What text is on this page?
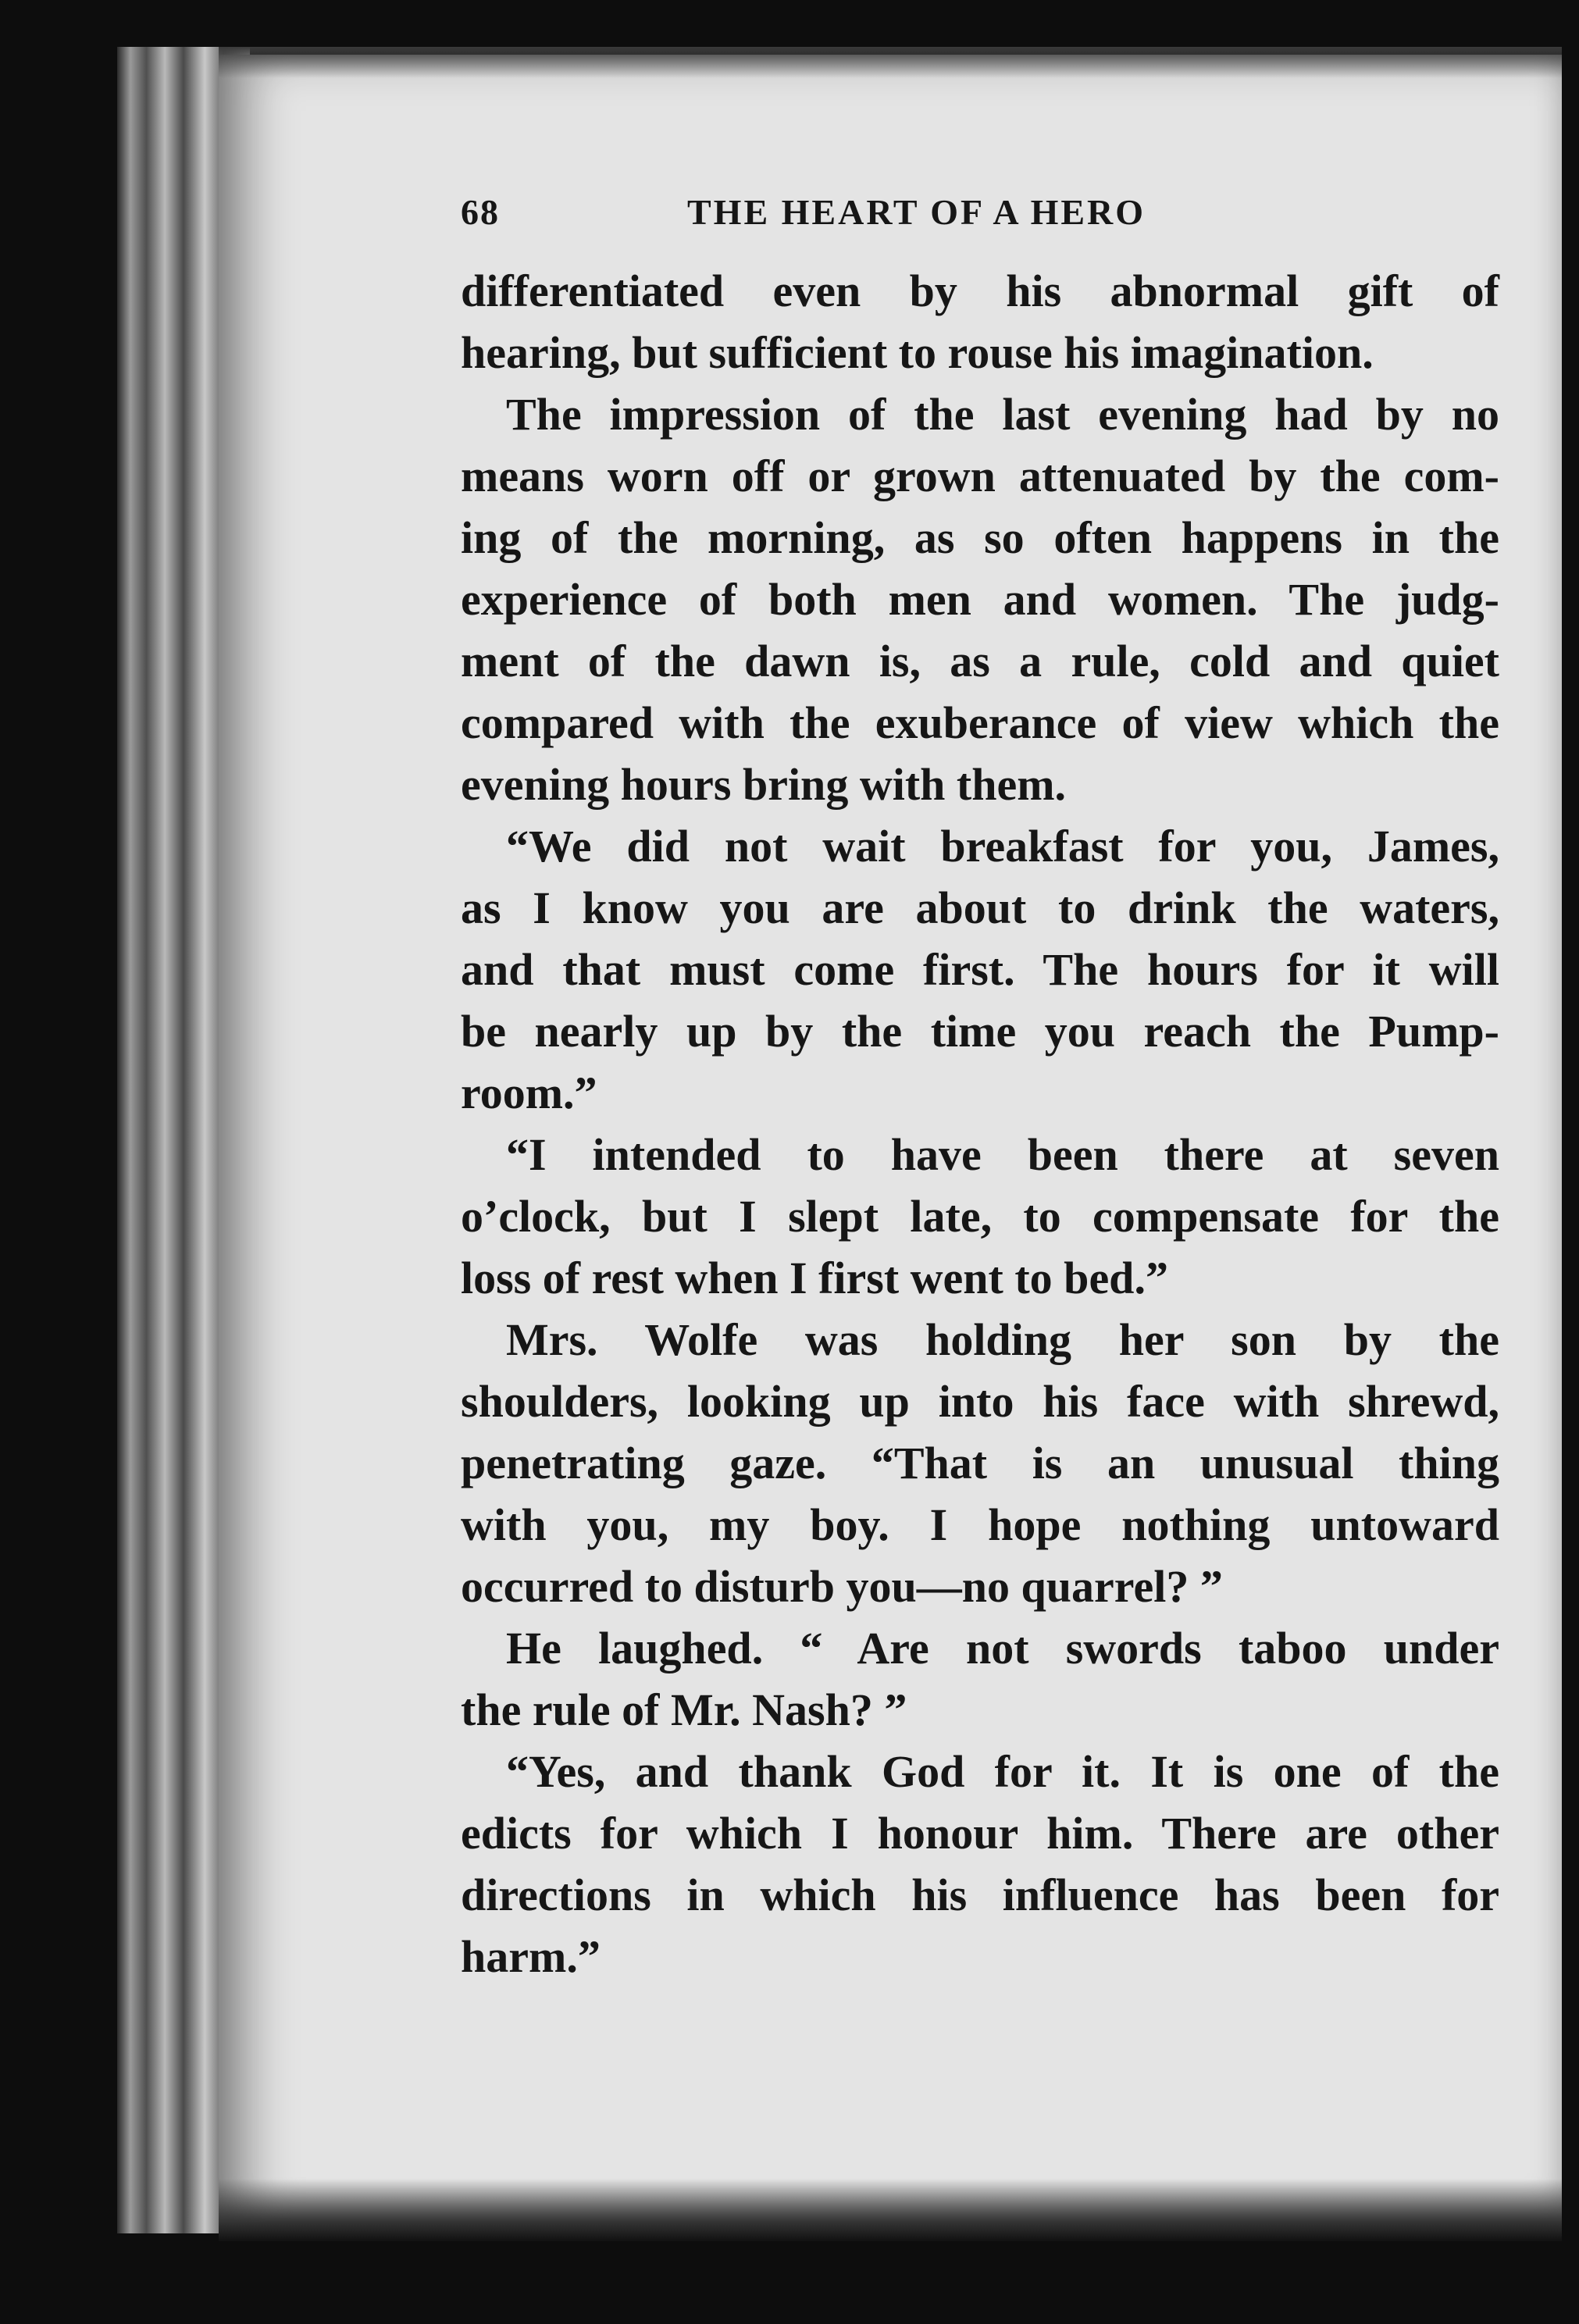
68	THE HEART OF A HERO

differentiated even by his abnormal gift of
hearing, but sufficient to rouse his imagination.

The impression of the last evening had by no
means worn off or grown attenuated by the com-
ing of the morning, as so often happens in the
experience of both men and women. The judg-
ment of the dawn is, as a rule, cold and quiet
compared with the exuberance of view which the
evening hours bring with them.

“We did not wait breakfast for you, James,
as I know you are about to drink the waters,
and that must come first. The hours for it will
be nearly up by the time you reach the Pump-
room.”

“I intended to have been there at seven
o’clock, but I slept late, to compensate for the
loss of rest when I first went to bed.”

Mrs. Wolfe was holding her son by the
shoulders, looking up into his face with shrewd,
penetrating gaze. “That is an unusual thing
with you, my boy. I hope nothing untoward
occurred to disturb you—no quarrel? ”

He laughed. “ Are not swords taboo under
the rule of Mr. Nash? ”

“Yes, and thank God for it. It is one of the
edicts for which I honour him. There are other
directions in which his influence has been for
harm.”
